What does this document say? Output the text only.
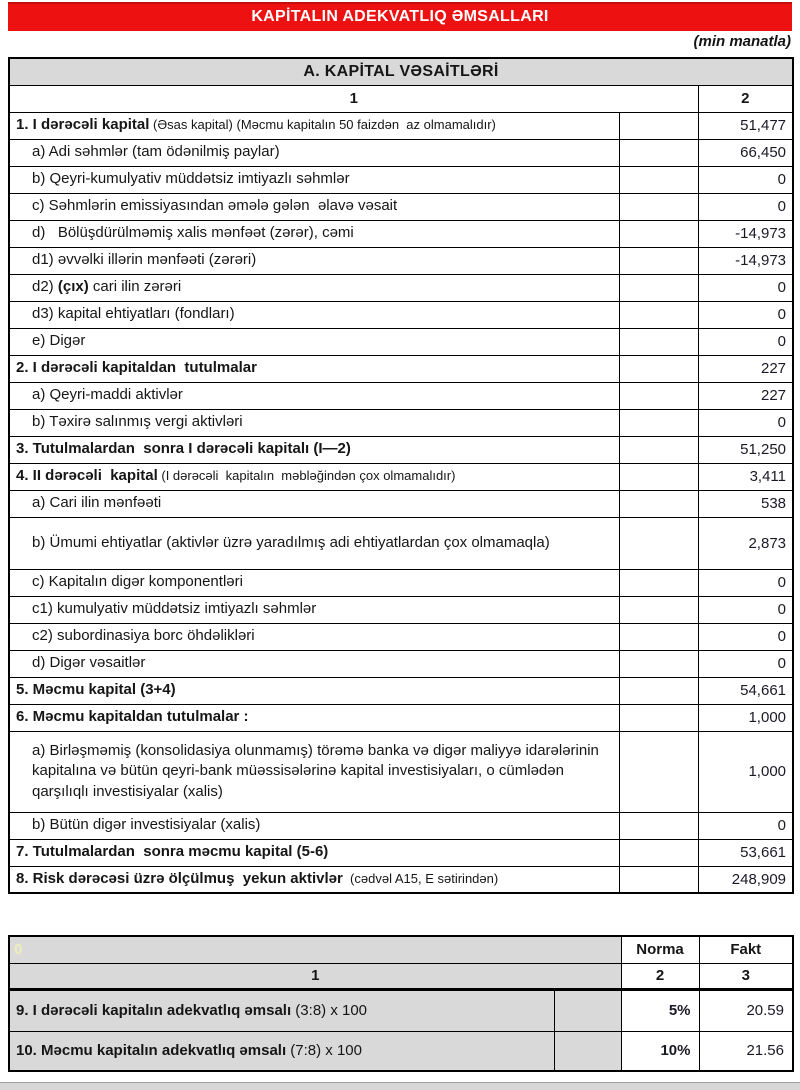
KAPİTALIN ADEKVATLIQ ƏMSALLARI
(min manatla)
A. KAPİTAL VƏSAİTLƏRİ		
1		2
1. I dərəcəli kapital (Əsas kapital) (Məcmu kapitalın 50 faizdən  az olmamalıdır)		51,477
a) Adi səhmlər (tam ödənilmiş paylar)		66,450
b) Qeyri-kumulyativ müddətsiz imtiyazlı səhmlər		0
c) Səhmlərin emissiyasından əmələ gələn  əlavə vəsait		0
d)   Bölüşdürülməmiş xalis mənfəət (zərər), cəmi		-14,973
d1) əvvəlki illərin mənfəəti (zərəri)		-14,973
d2) (çıx) cari ilin zərəri		0
d3) kapital ehtiyatları (fondları)		0
e) Digər		0
2. I dərəcəli kapitaldan  tutulmalar		227
a) Qeyri-maddi aktivlər		227
b) Təxirə salınmış vergi aktivləri		0
3. Tutulmalardan  sonra I dərəcəli kapitalı (I—2)		51,250
4. II dərəcəli  kapital (I dərəcəli  kapitalın  məbləğindən çox olmamalıdır)		3,411
a) Cari ilin mənfəəti		538

b) Ümumi ehtiyatlar (aktivlər üzrə yaradılmış adi ehtiyatlardan çox olmamaqla)		2,873
c) Kapitalın digər komponentləri		0
c1) kumulyativ müddətsiz imtiyazlı səhmlər		0
c2) subordinasiya borc öhdəlikləri		0
d) Digər vəsaitlər		0
5. Məcmu kapital (3+4)		54,661
6. Məcmu kapitaldan tutulmalar :		1,000
a) Birləşməmiş (konsolidasiya olunmamış) törəmə banka və digər maliyyə idarələrinin kapitalına və bütün qeyri-bank müəssisələrinə kapital investisiyaları, o cümlədən qarşılıqlı investisiyalar (xalis)		1,000
b) Bütün digər investisiyalar (xalis)		0
7. Tutulmalardan  sonra məcmu kapital (5-6)		53,661
8. Risk dərəcəsi üzrə ölçülmuş  yekun aktivlər  (cədvəl A15, E sətirindən)		248,909
0		Norma	Fakt
1		2	3
9. I dərəcəli kapitalın adekvatlıq əmsalı (3:8) x 100		5%	20.59
10. Məcmu kapitalın adekvatlıq əmsalı (7:8) x 100		10%	21.56
